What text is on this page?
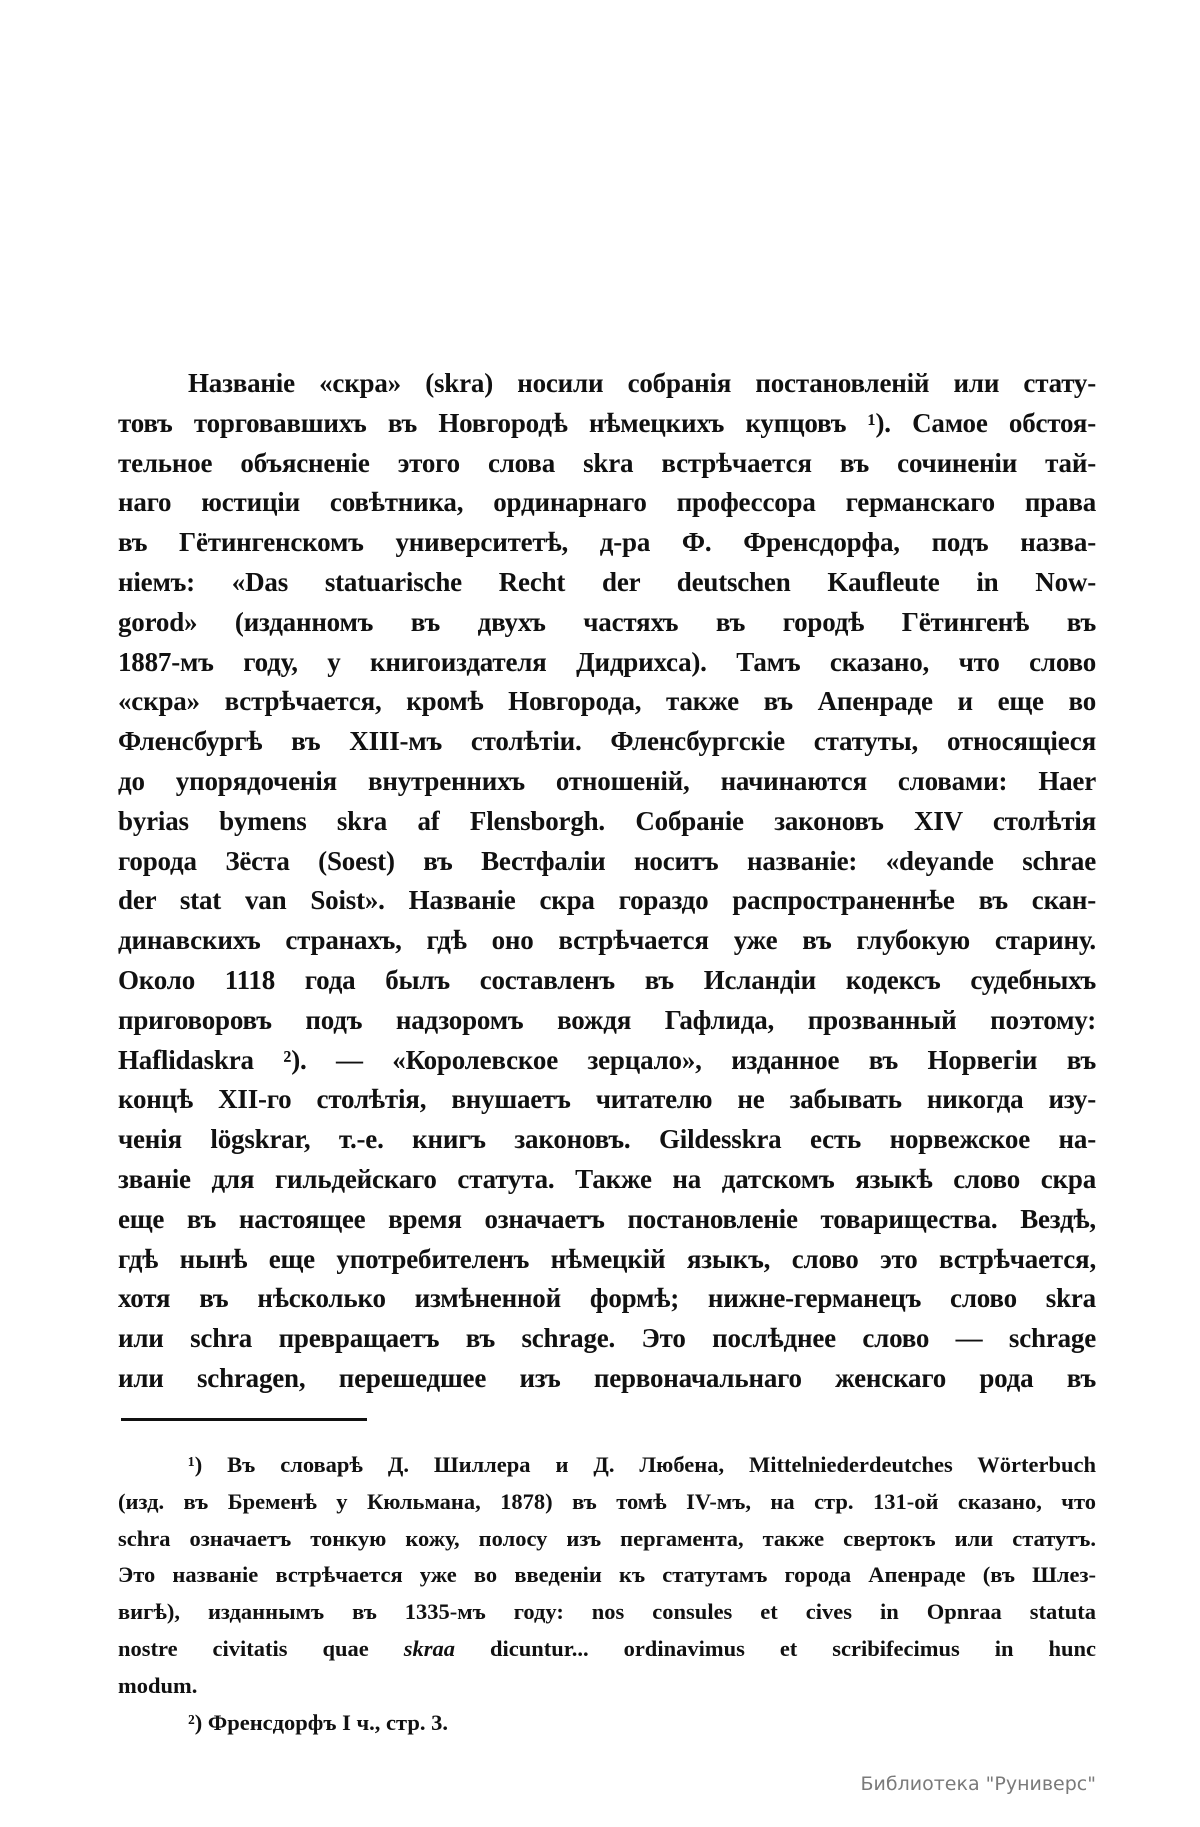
Названіе «скра» (skra) носили собранія постановленій или стату-
товъ торговавшихъ въ Новгородѣ нѣмецкихъ купцовъ ¹). Самое обстоя-
тельное объясненіе этого слова skra встрѣчается въ сочиненіи тай-
наго юстиціи совѣтника, ординарнаго профессора германскаго права
въ Гётингенскомъ университетѣ, д-ра Ф. Френсдорфа, подъ назва-
ніемъ: «Das statuarische Recht der deutschen Kaufleute in Now-
gorod» (изданномъ въ двухъ частяхъ въ городѣ Гётингенѣ въ
1887-мъ году, у книгоиздателя Дидрихса). Тамъ сказано, что слово
«скра» встрѣчается, кромѣ Новгорода, также въ Апенраде и еще во
Фленсбургѣ въ XIII-мъ столѣтіи. Фленсбургскіе статуты, относящіеся
до упорядоченія внутреннихъ отношеній, начинаются словами: Haer
byrias bymens skra af Flensborgh. Собраніе законовъ XIV столѣтія
города Зёста (Soest) въ Вестфаліи носитъ названіе: «deyande schrae
der stat van Soist». Названіе скра гораздо распространеннѣе въ скан-
динавскихъ странахъ, гдѣ оно встрѣчается уже въ глубокую старину.
Около 1118 года былъ составленъ въ Исландіи кодексъ судебныхъ
приговоровъ подъ надзоромъ вождя Гафлида, прозванный поэтому:
Haflidaskra ²). — «Королевское зерцало», изданное въ Норвегіи въ
концѣ XII-го столѣтія, внушаетъ читателю не забывать никогда изу-
ченія lögskrar, т.-е. книгъ законовъ. Gildesskra есть норвежское на-
званіе для гильдейскаго статута. Также на датскомъ языкѣ слово скра
еще въ настоящее время означаетъ постановленіе товарищества. Вездѣ,
гдѣ нынѣ еще употребителенъ нѣмецкій языкъ, слово это встрѣчается,
хотя въ нѣсколько измѣненной формѣ; нижне-германецъ слово skra
или schra превращаетъ въ schrage. Это послѣднее слово — schrage
или schragen, перешедшее изъ первоначальнаго женскаго рода въ
¹) Въ словарѣ Д. Шиллера и Д. Любена, Mittelniederdeutches Wörterbuch
(изд. въ Бременѣ у Кюльмана, 1878) въ томѣ IV-мъ, на стр. 131-ой сказано, что
schra означаетъ тонкую кожу, полосу изъ пергамента, также свертокъ или статутъ.
Это названіе встрѣчается уже во введеніи къ статутамъ города Апенраде (въ Шлез-
вигѣ), изданнымъ въ 1335-мъ году: nos consules et cives in Opnraa statuta
nostre civitatis quae skraa dicuntur... ordinavimus et scribifecimus in hunc
modum.
²) Френсдорфъ I ч., стр. 3.
Библиотека "Руниверс"
